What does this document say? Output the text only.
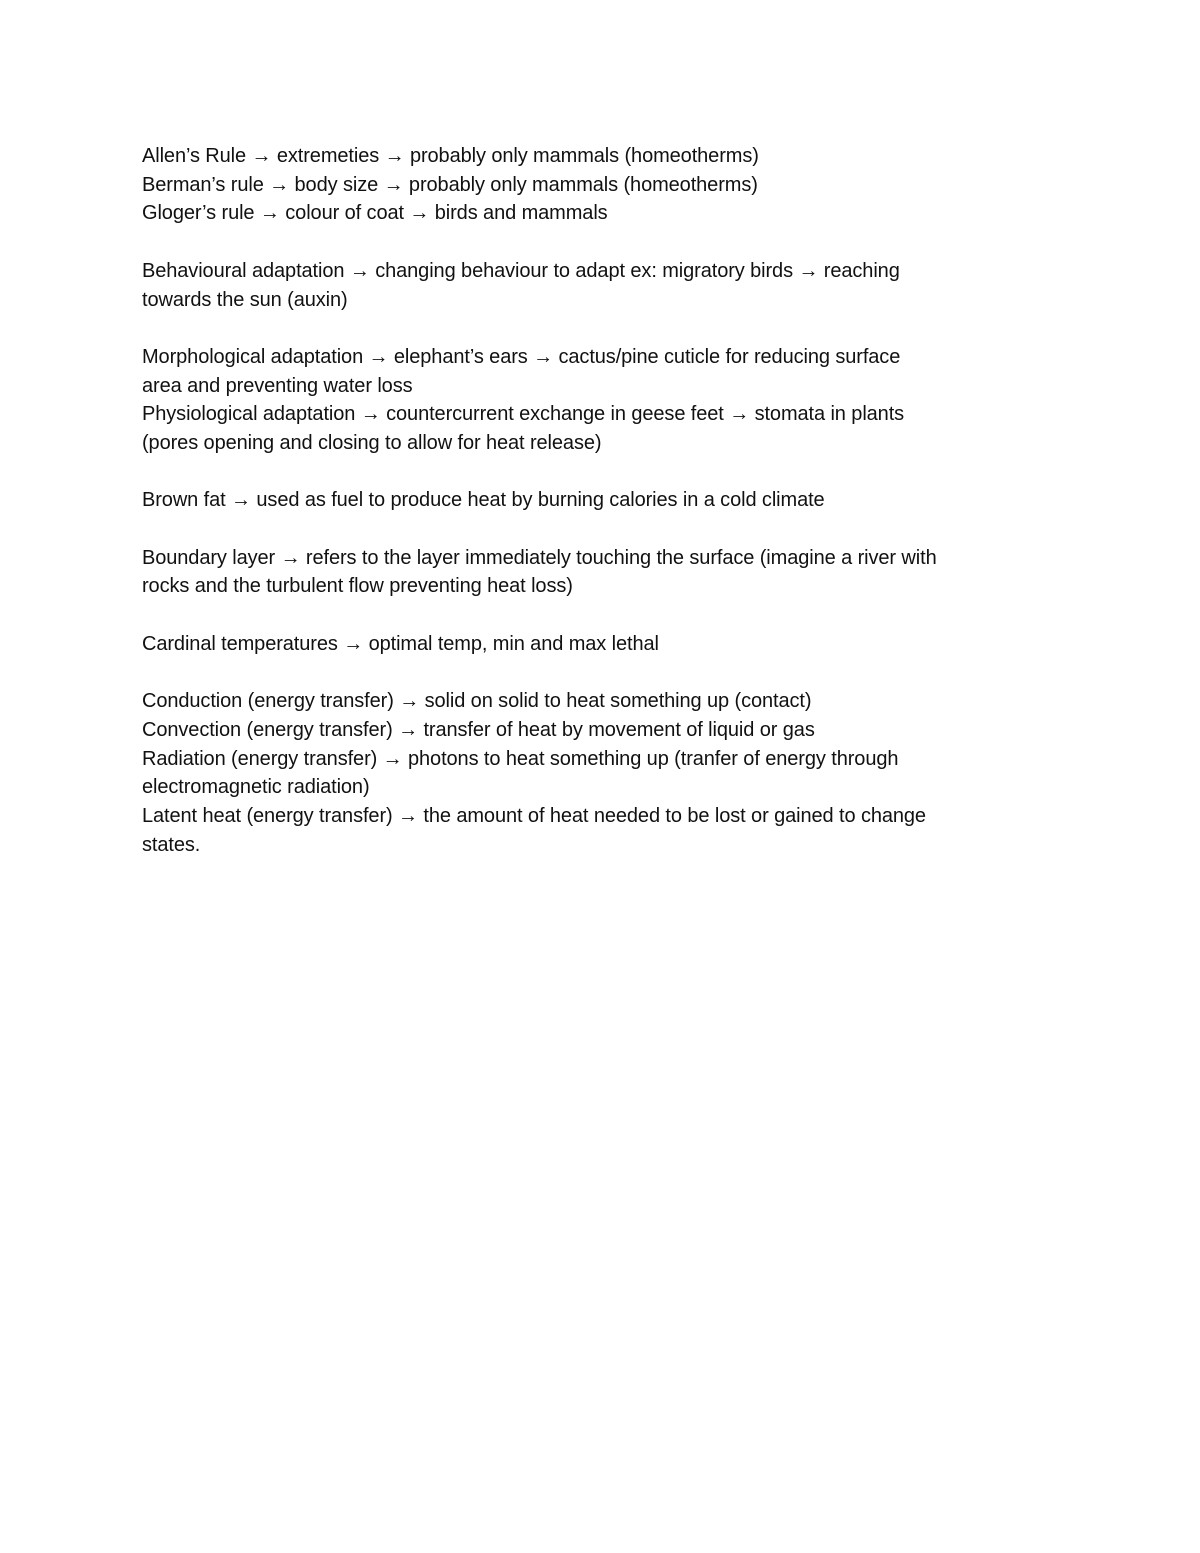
Allen’s Rule → extremeties → probably only mammals (homeotherms)
Berman’s rule → body size → probably only mammals (homeotherms)
Gloger’s rule → colour of coat → birds and mammals

Behavioural adaptation → changing behaviour to adapt ex: migratory birds → reaching
towards the sun (auxin)

Morphological adaptation → elephant’s ears → cactus/pine cuticle for reducing surface
area and preventing water loss
Physiological adaptation → countercurrent exchange in geese feet → stomata in plants
(pores opening and closing to allow for heat release)

Brown fat → used as fuel to produce heat by burning calories in a cold climate

Boundary layer → refers to the layer immediately touching the surface (imagine a river with
rocks and the turbulent flow preventing heat loss)

Cardinal temperatures → optimal temp, min and max lethal

Conduction (energy transfer) → solid on solid to heat something up (contact)
Convection (energy transfer) → transfer of heat by movement of liquid or gas
Radiation (energy transfer) → photons to heat something up (tranfer of energy through
electromagnetic radiation)
Latent heat (energy transfer) → the amount of heat needed to be lost or gained to change
states.
